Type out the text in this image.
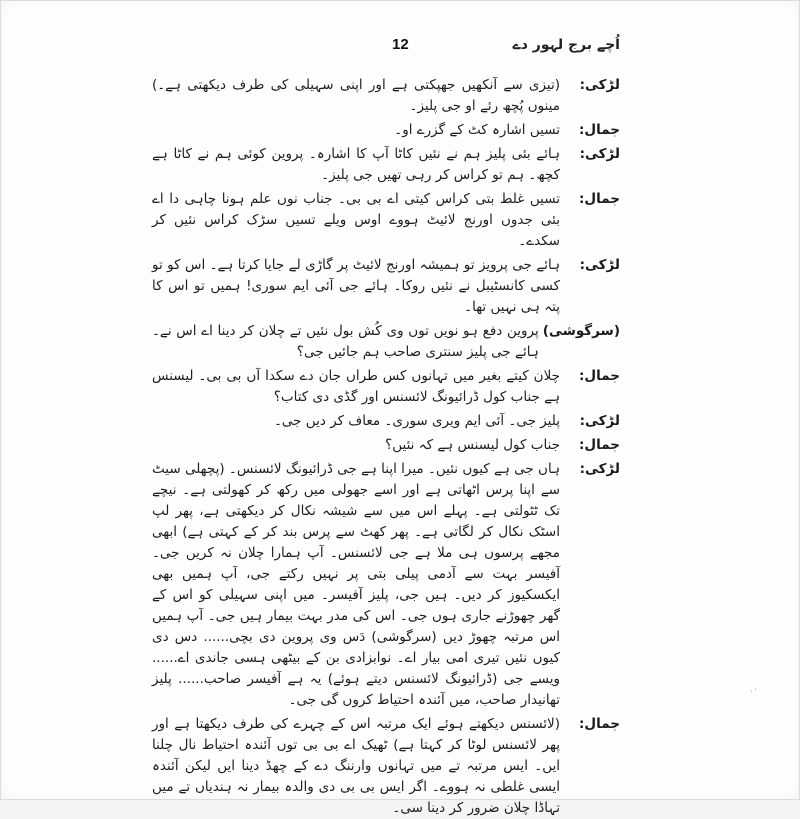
اُچے برج لہور دے
12
لڑکی:
(تیزی سے آنکھیں جھپکتی ہے اور اپنی سہیلی کی طرف دیکھتی ہے۔) مینوں پُچھ رئے او جی پلیز۔
جمال:
تسیں اشارہ کٹ کے گزرے او۔
لڑکی:
ہائے بئی پلیز ہم نے نئیں کاٹا آپ کا اشارہ۔ پروین کوئی ہم نے کاٹا ہے کچھ۔ ہم تو کراس کر رہی تھیں جی پلیز۔
جمال:
تسیں غلط بتی کراس کیتی اے بی بی۔ جناب نوں علم ہونا چاہی دا اے بئی جدوں اورنج لائیٹ ہووے اوس ویلے تسیں سڑک کراس نئیں کر سکدے۔
لڑکی:
ہائے جی پرویز تو ہمیشہ اورنج لائیٹ پر گاڑی لے جایا کرتا ہے۔ اس کو تو کسی کانسٹیبل نے نئیں روکا۔ ہائے جی آئی ایم سوری! ہمیں تو اس کا پتہ ہی نہیں تھا۔
(سرگوشی)
پروین دفع ہو نویں توں وی کُش بول نئیں تے چلان کر دینا اے اس نے۔ ہائے جی پلیز سنتری صاحب ہم جائیں جی؟
جمال:
چلان کیتے بغیر میں تہانوں کس طراں جان دے سکدا آں بی بی۔ لیسنس ہے جناب کول ڈرائیونگ لائسنس اور گڈی دی کتاب؟
لڑکی:
پلیز جی۔ آئی ایم ویری سوری۔ معاف کر دیں جی۔
جمال:
جناب کول لیسنس ہے کہ نئیں؟
لڑکی:
ہاں جی ہے کیوں نئیں۔ میرا اپنا ہے جی ڈرائیونگ لائسنس۔ (پچھلی سیٹ سے اپنا پرس اٹھاتی ہے اور اسے جھولی میں رکھ کر کھولتی ہے۔ نیچے تک ٹٹولتی ہے۔ پہلے اس میں سے شیشہ نکال کر دیکھتی ہے، پھر لپ اسٹک نکال کر لگاتی ہے۔ پھر کھٹ سے پرس بند کر کے کہتی ہے) ابھی مجھے پرسوں ہی ملا ہے جی لائسنس۔ آپ ہمارا چلان نہ کریں جی۔ آفیسر بہت سے آدمی پیلی بتی پر نہیں رکتے جی، آپ ہمیں بھی ایکسکیوز کر دیں۔ ہیں جی، پلیز آفیسر۔ میں اپنی سہیلی کو اس کے گھر چھوڑنے جاری ہوں جی۔ اس کی مدر بہت بیمار ہیں جی۔ آپ ہمیں اس مرتبہ چھوڑ دیں (سرگوشی) دَس وی پروین دی بچی...... دس دی کیوں نئیں تیری امی بیار اے۔ نوابزادی بن کے بیٹھی ہسی جاندی اے...... ویسے جی (ڈرائیونگ لائسنس دیتے ہوئے) یہ ہے آفیسر صاحب...... پلیز تھانیدار صاحب، میں آئندہ احتیاط کروں گی جی۔
جمال:
(لائسنس دیکھتے ہوئے ایک مرتبہ اس کے چہرے کی طرف دیکھتا ہے اور پھر لائسنس لوٹا کر کہتا ہے) ٹھیک اے بی بی توں آئندہ احتیاط نال چلنا ایں۔ ایس مرتبہ تے میں تہانوں وارننگ دے کے چھڈ دینا ایں لیکن آئندہ ایسی غلطی نہ ہووے۔ اگر ایس بی بی دی والدہ بیمار نہ ہندیاں تے میں تہاڈا چلان ضرور کر دینا سی۔
·.
